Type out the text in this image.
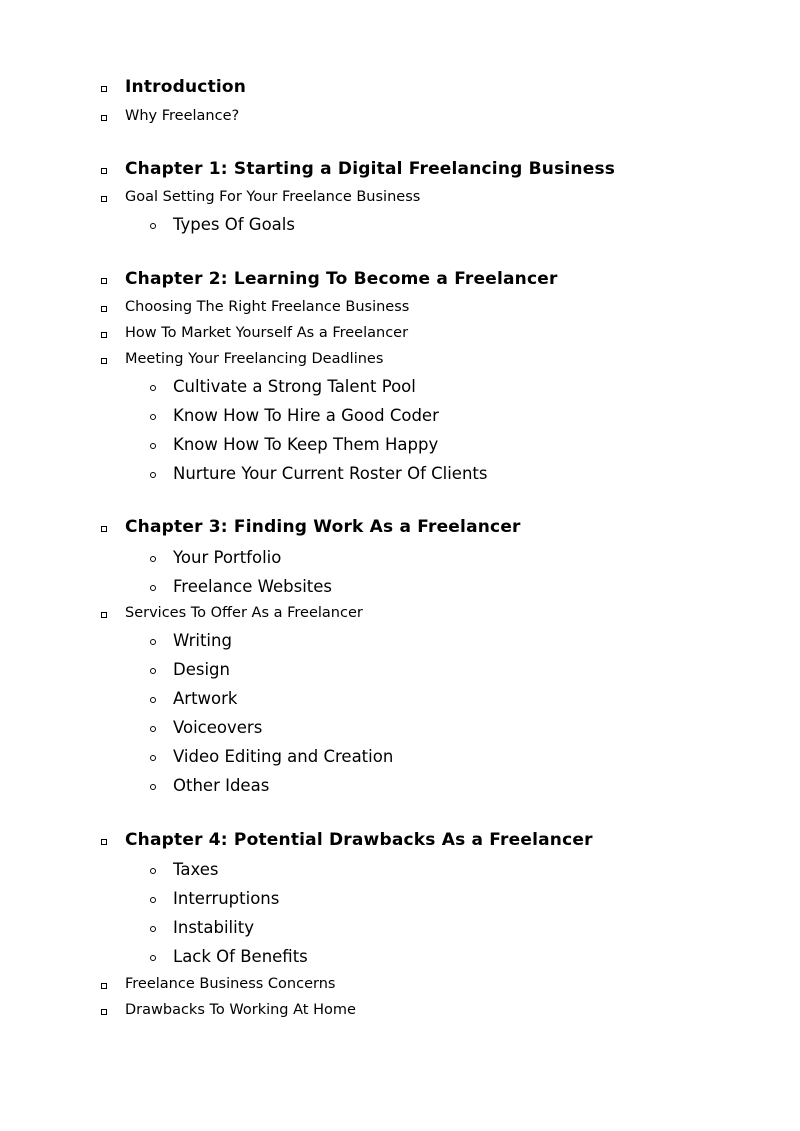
Introduction
Why Freelance?
Chapter 1: Starting a Digital Freelancing Business
Goal Setting For Your Freelance Business
Types Of Goals
Chapter 2: Learning To Become a Freelancer
Choosing The Right Freelance Business
How To Market Yourself As a Freelancer
Meeting Your Freelancing Deadlines
Cultivate a Strong Talent Pool
Know How To Hire a Good Coder
Know How To Keep Them Happy
Nurture Your Current Roster Of Clients
Chapter 3: Finding Work As a Freelancer
Your Portfolio
Freelance Websites
Services To Offer As a Freelancer
Writing
Design
Artwork
Voiceovers
Video Editing and Creation
Other Ideas
Chapter 4: Potential Drawbacks As a Freelancer
Taxes
Interruptions
Instability
Lack Of Benefits
Freelance Business Concerns
Drawbacks To Working At Home
